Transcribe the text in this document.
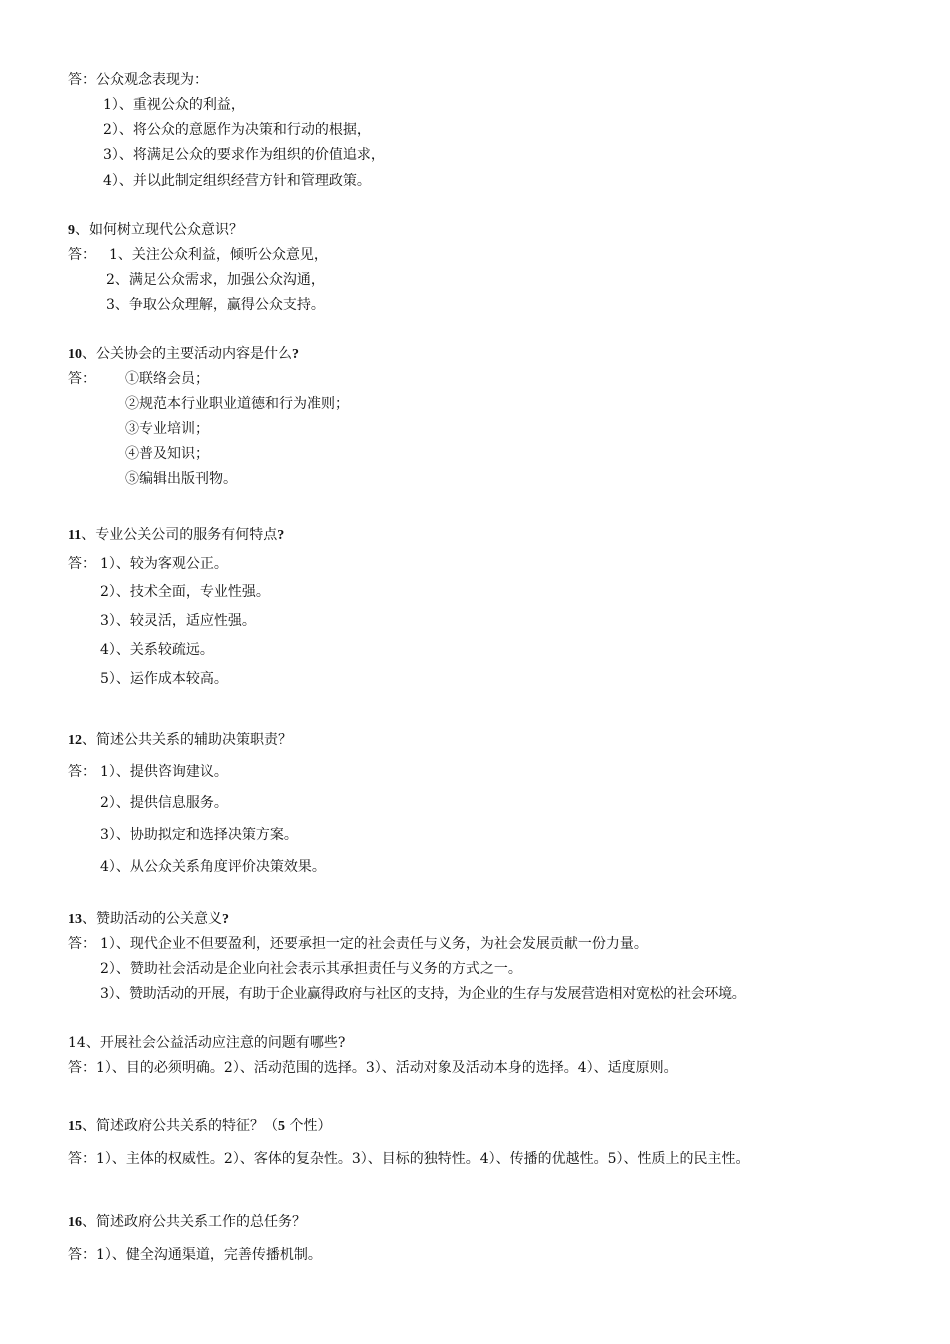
答：公众观念表现为：

1）、重视公众的利益，

2）、将公众的意愿作为决策和行动的根据，

3）、将满足公众的要求作为组织的价值追求，

4）、并以此制定组织经营方针和管理政策。

9、如何树立现代公众意识？

答： 1、关注公众利益，倾听公众意见，

2、满足公众需求，加强公众沟通，

3、争取公众理解，赢得公众支持。

10、公关协会的主要活动内容是什么?

答： ①联络会员；

②规范本行业职业道德和行为准则；

③专业培训；

④普及知识；

⑤编辑出版刊物。

11、专业公关公司的服务有何特点?

答： 1）、较为客观公正。

2）、技术全面，专业性强。

3）、较灵活，适应性强。

4）、关系较疏远。

5）、运作成本较高。

12、简述公共关系的辅助决策职责？

答： 1）、提供咨询建议。

2）、提供信息服务。

3）、协助拟定和选择决策方案。

4）、从公众关系角度评价决策效果。

13、赞助活动的公关意义?

答： 1）、现代企业不但要盈利，还要承担一定的社会责任与义务，为社会发展贡献一份力量。

2）、赞助社会活动是企业向社会表示其承担责任与义务的方式之一。

3）、赞助活动的开展，有助于企业赢得政府与社区的支持，为企业的生存与发展营造相对宽松的社会环境。

14、开展社会公益活动应注意的问题有哪些?

答：1）、目的必须明确。2）、活动范围的选择。3）、活动对象及活动本身的选择。4）、适度原则。

15、简述政府公共关系的特征？（5 个性）

答：1）、主体的权威性。2）、客体的复杂性。3）、目标的独特性。4）、传播的优越性。5）、性质上的民主性。

16、简述政府公共关系工作的总任务？

答：1）、健全沟通渠道，完善传播机制。
